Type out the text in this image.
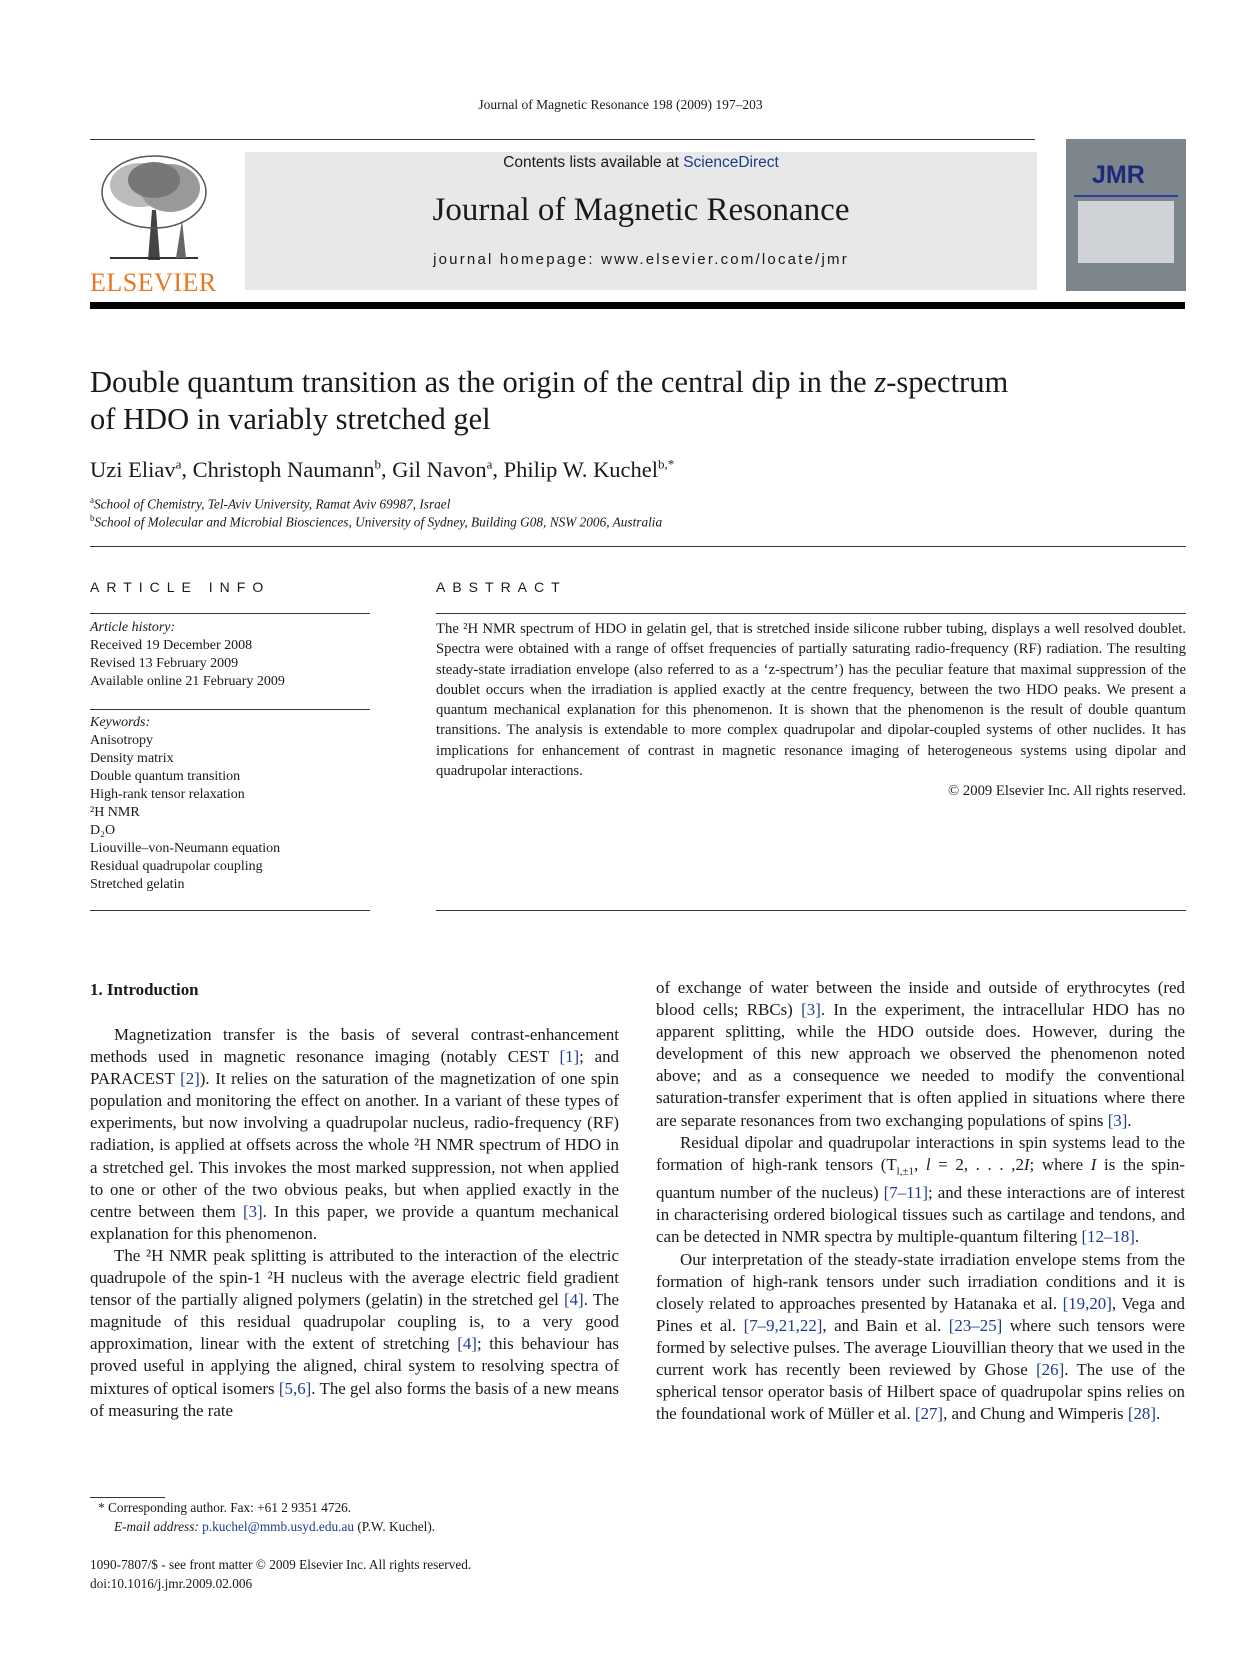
Journal of Magnetic Resonance 198 (2009) 197–203
ELSEVIER
Contents lists available at ScienceDirect
Journal of Magnetic Resonance
journal homepage: www.elsevier.com/locate/jmr
JMR
Double quantum transition as the origin of the central dip in the z-spectrum
of HDO in variably stretched gel
Uzi Eliav$^a$, Christoph Naumann$^b$, Gil Navon$^a$, Philip W. Kuchel$^{b,*}$
$^a$School of Chemistry, Tel-Aviv University, Ramat Aviv 69987, Israel
$^b$School of Molecular and Microbial Biosciences, University of Sydney, Building G08, NSW 2006, Australia
ARTICLE INFO
Article history:
Received 19 December 2008
Revised 13 February 2009
Available online 21 February 2009
Keywords:
Anisotropy
Density matrix
Double quantum transition
High-rank tensor relaxation
²H NMR
D₂O
Liouville–von-Neumann equation
Residual quadrupolar coupling
Stretched gelatin
ABSTRACT
The ²H NMR spectrum of HDO in gelatin gel, that is stretched inside silicone rubber tubing, displays a well resolved doublet. Spectra were obtained with a range of offset frequencies of partially saturating radio-frequency (RF) radiation. The resulting steady-state irradiation envelope (also referred to as a ‘z-spectrum’) has the peculiar feature that maximal suppression of the doublet occurs when the irradiation is applied exactly at the centre frequency, between the two HDO peaks. We present a quantum mechanical explanation for this phenomenon. It is shown that the phenomenon is the result of double quantum transitions. The analysis is extendable to more complex quadrupolar and dipolar-coupled systems of other nuclides. It has implications for enhancement of contrast in magnetic resonance imaging of heterogeneous systems using dipolar and quadrupolar interactions.
© 2009 Elsevier Inc. All rights reserved.
1. Introduction

Magnetization transfer is the basis of several contrast-enhancement methods used in magnetic resonance imaging (notably CEST [1]; and PARACEST [2]). It relies on the saturation of the magnetization of one spin population and monitoring the effect on another. In a variant of these types of experiments, but now involving a quadrupolar nucleus, radio-frequency (RF) radiation, is applied at offsets across the whole ²H NMR spectrum of HDO in a stretched gel. This invokes the most marked suppression, not when applied to one or other of the two obvious peaks, but when applied exactly in the centre between them [3]. In this paper, we provide a quantum mechanical explanation for this phenomenon.

The ²H NMR peak splitting is attributed to the interaction of the electric quadrupole of the spin-1 ²H nucleus with the average electric field gradient tensor of the partially aligned polymers (gelatin) in the stretched gel [4]. The magnitude of this residual quadrupolar coupling is, to a very good approximation, linear with the extent of stretching [4]; this behaviour has proved useful in applying the aligned, chiral system to resolving spectra of mixtures of optical isomers [5,6]. The gel also forms the basis of a new means of measuring the rate

of exchange of water between the inside and outside of erythrocytes (red blood cells; RBCs) [3]. In the experiment, the intracellular HDO has no apparent splitting, while the HDO outside does. However, during the development of this new approach we observed the phenomenon noted above; and as a consequence we needed to modify the conventional saturation-transfer experiment that is often applied in situations where there are separate resonances from two exchanging populations of spins [3].

Residual dipolar and quadrupolar interactions in spin systems lead to the formation of high-rank tensors ($T_{l,\pm 1}$, l = 2, . . . ,2I; where I is the spin-quantum number of the nucleus) [7–11]; and these interactions are of interest in characterising ordered biological tissues such as cartilage and tendons, and can be detected in NMR spectra by multiple-quantum filtering [12–18].

Our interpretation of the steady-state irradiation envelope stems from the formation of high-rank tensors under such irradiation conditions and it is closely related to approaches presented by Hatanaka et al. [19,20], Vega and Pines et al. [7–9,21,22], and Bain et al. [23–25] where such tensors were formed by selective pulses. The average Liouvillian theory that we used in the current work has recently been reviewed by Ghose [26]. The use of the spherical tensor operator basis of Hilbert space of quadrupolar spins relies on the foundational work of Müller et al. [27], and Chung and Wimperis [28].

* Corresponding author. Fax: +61 2 9351 4726.
E-mail address: p.kuchel@mmb.usyd.edu.au (P.W. Kuchel).
1090-7807/$ - see front matter © 2009 Elsevier Inc. All rights reserved.
doi:10.1016/j.jmr.2009.02.006
